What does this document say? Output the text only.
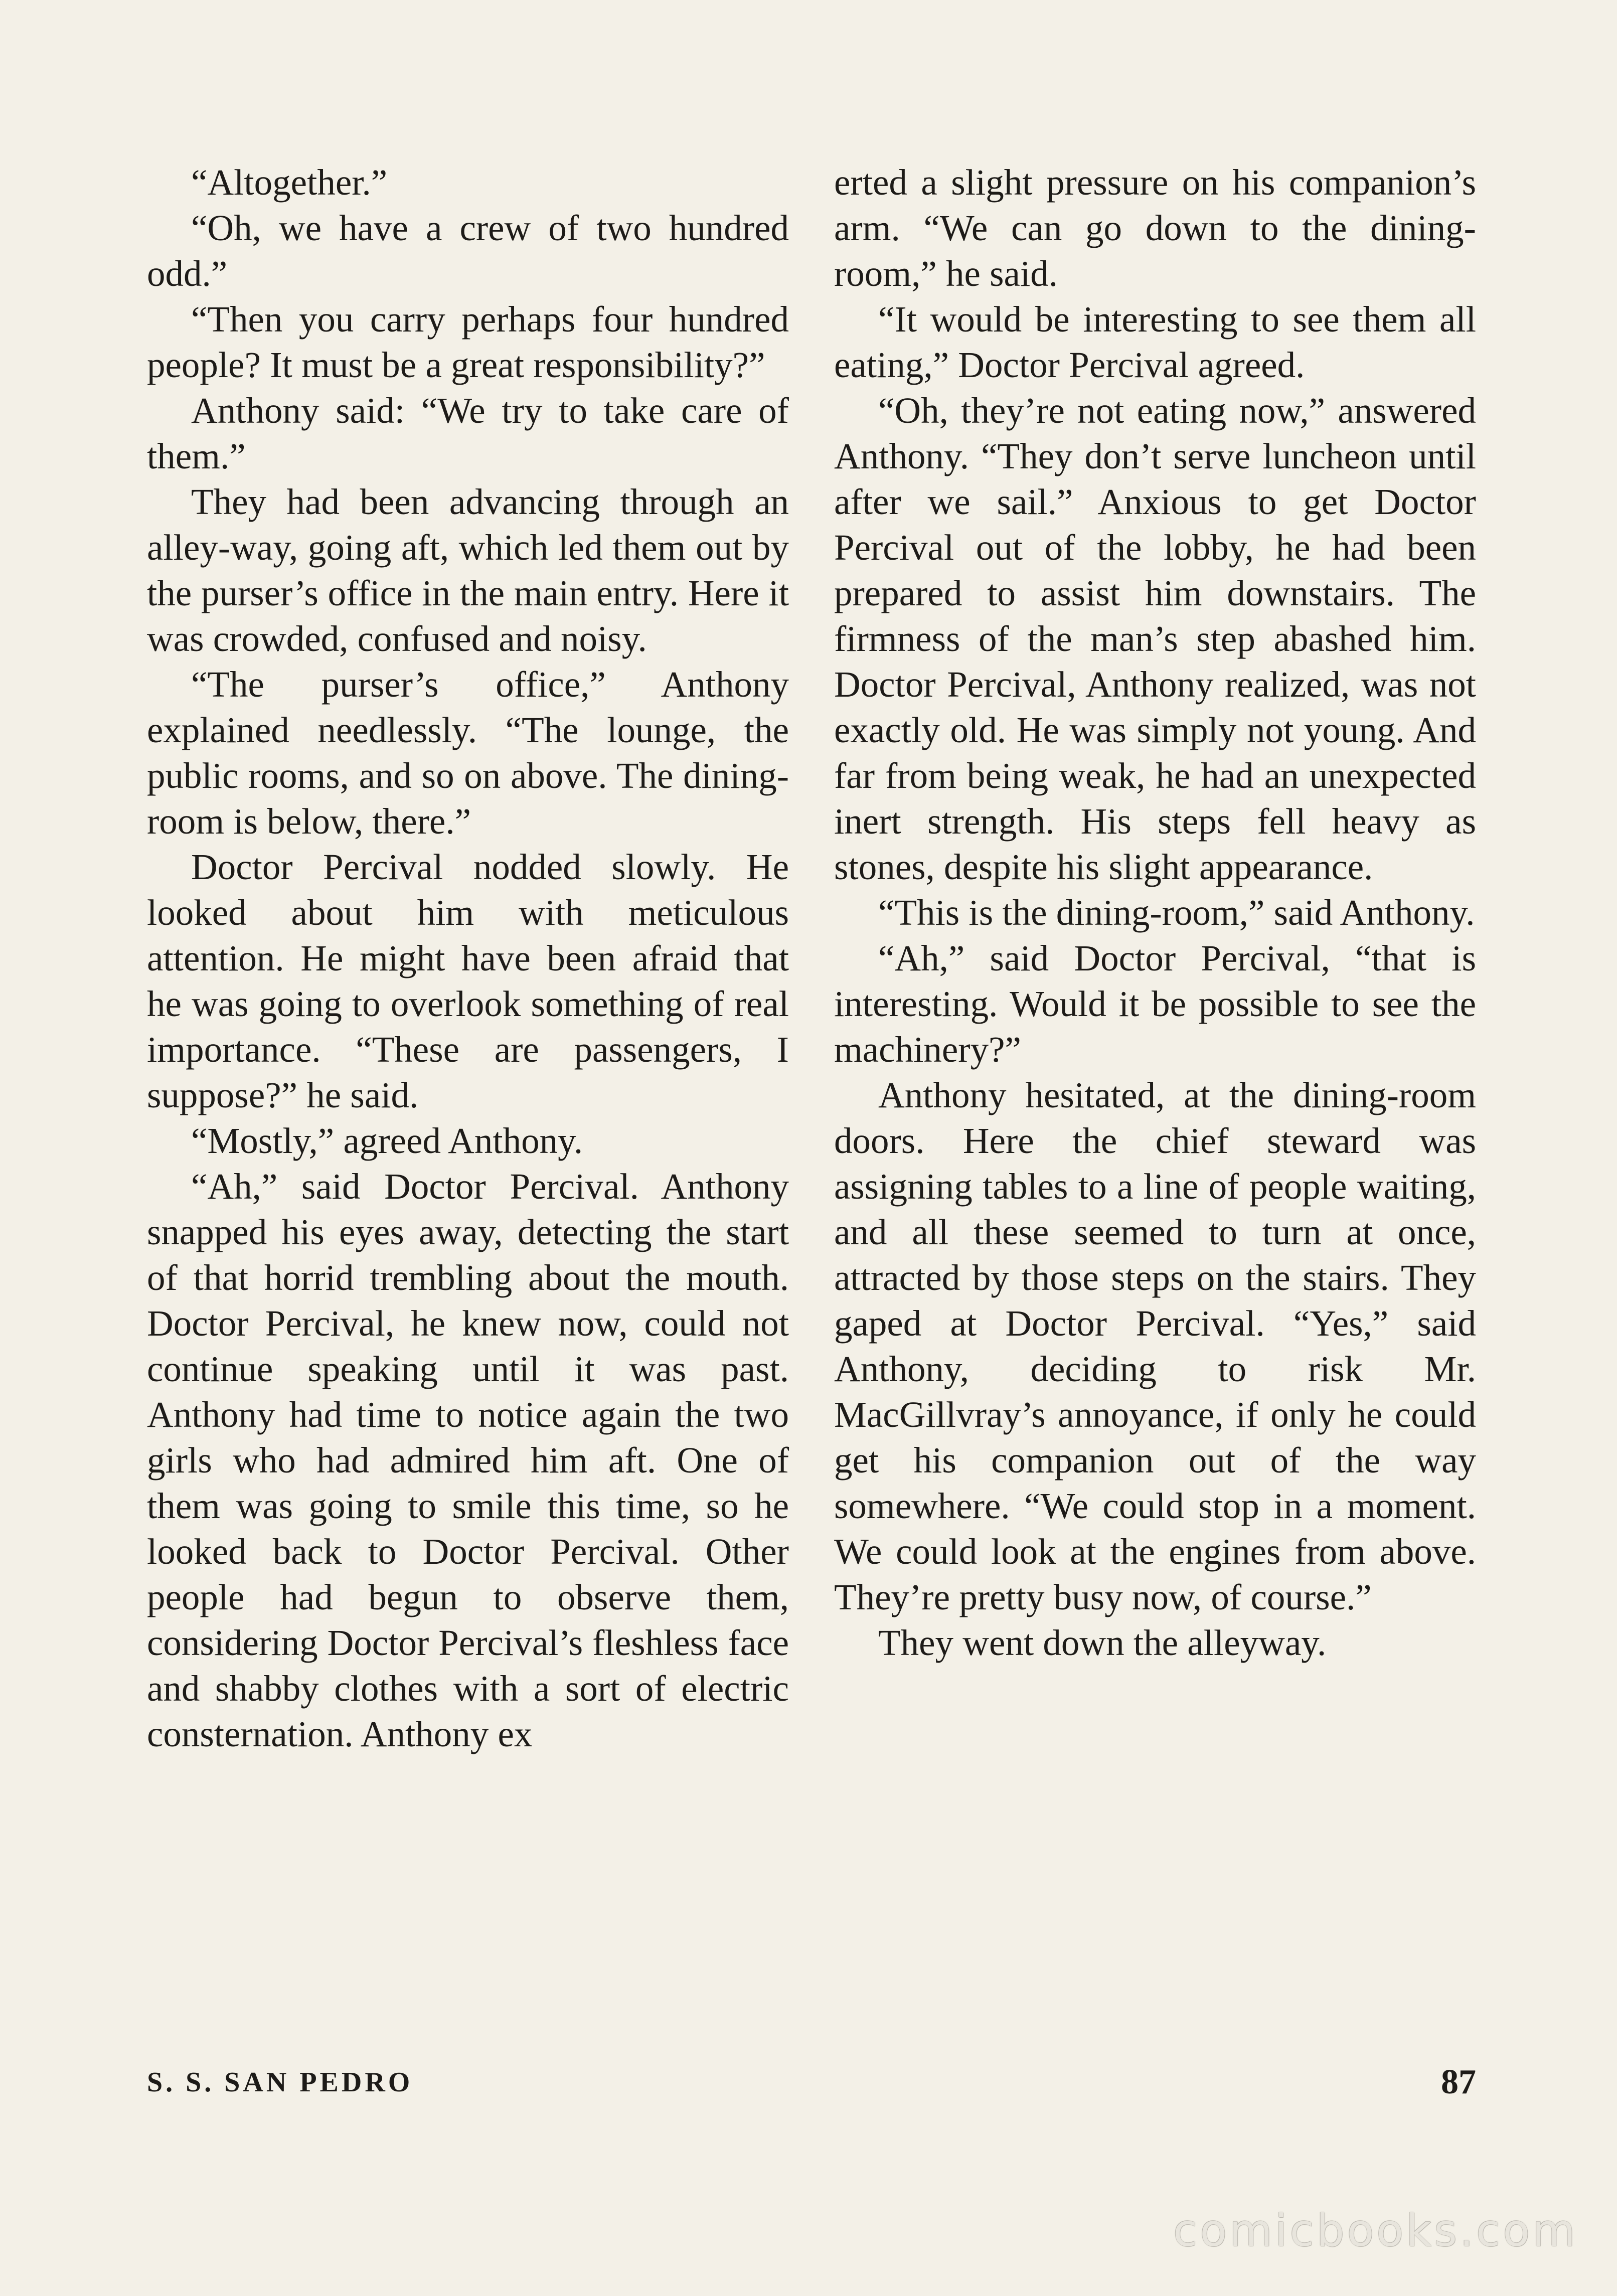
“Altogether.”

“Oh, we have a crew of two hundred odd.”

“Then you carry perhaps four hundred people? It must be a great responsibility?”

Anthony said: “We try to take care of them.”

They had been advancing through an alley-way, going aft, which led them out by the purser’s office in the main entry. Here it was crowded, confused and noisy.

“The purser’s office,” Anthony explained needlessly. “The lounge, the public rooms, and so on above. The dining-room is below, there.”

Doctor Percival nodded slowly. He looked about him with meticulous attention. He might have been afraid that he was going to overlook something of real importance. “These are passengers, I suppose?” he said.

“Mostly,” agreed Anthony.

“Ah,” said Doctor Percival. Anthony snapped his eyes away, detecting the start of that horrid trembling about the mouth. Doctor Percival, he knew now, could not continue speaking until it was past. Anthony had time to notice again the two girls who had admired him aft. One of them was going to smile this time, so he looked back to Doctor Percival. Other people had begun to observe them, considering Doctor Percival’s fleshless face and shabby clothes with a sort of electric consternation. Anthony ex

erted a slight pressure on his companion’s arm. “We can go down to the dining-room,” he said.

“It would be interesting to see them all eating,” Doctor Percival agreed.

“Oh, they’re not eating now,” answered Anthony. “They don’t serve luncheon until after we sail.” Anxious to get Doctor Percival out of the lobby, he had been prepared to assist him downstairs. The firmness of the man’s step abashed him. Doctor Percival, Anthony realized, was not exactly old. He was simply not young. And far from being weak, he had an unexpected inert strength. His steps fell heavy as stones, despite his slight appearance.

“This is the dining-room,” said Anthony.

“Ah,” said Doctor Percival, “that is interesting. Would it be possible to see the machinery?”

Anthony hesitated, at the dining-room doors. Here the chief steward was assigning tables to a line of people waiting, and all these seemed to turn at once, attracted by those steps on the stairs. They gaped at Doctor Percival. “Yes,” said Anthony, deciding to risk Mr. MacGillvray’s annoyance, if only he could get his companion out of the way somewhere. “We could stop in a moment. We could look at the engines from above. They’re pretty busy now, of course.”

They went down the alleyway.

S. S. SAN PEDRO	87
comicbooks.com
